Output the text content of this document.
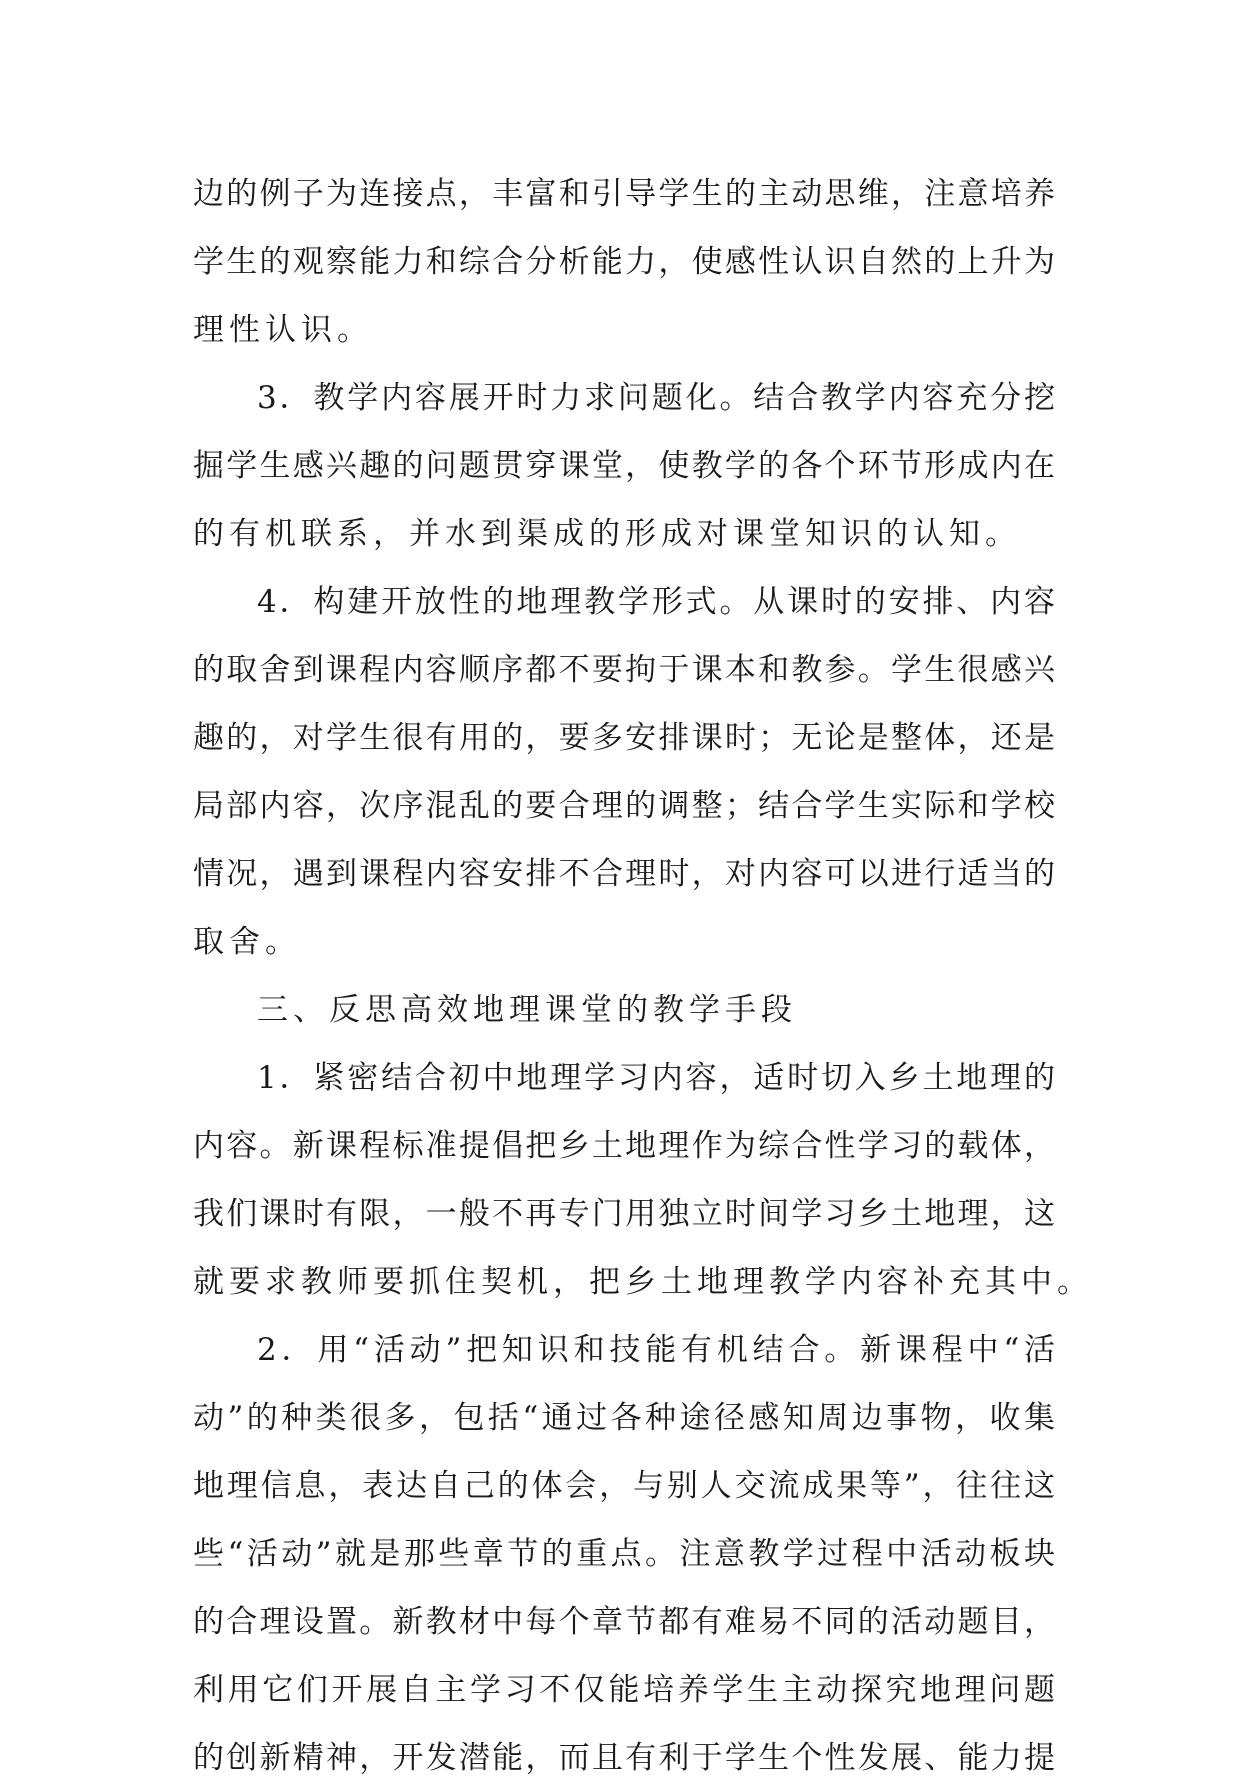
边的例子为连接点，丰富和引导学生的主动思维，注意培养
学生的观察能力和综合分析能力，使感性认识自然的上升为
理性认识。
3．教学内容展开时力求问题化。结合教学内容充分挖
掘学生感兴趣的问题贯穿课堂，使教学的各个环节形成内在
的有机联系，并水到渠成的形成对课堂知识的认知。
4．构建开放性的地理教学形式。从课时的安排、内容
的取舍到课程内容顺序都不要拘于课本和教参。学生很感兴
趣的，对学生很有用的，要多安排课时；无论是整体，还是
局部内容，次序混乱的要合理的调整；结合学生实际和学校
情况，遇到课程内容安排不合理时，对内容可以进行适当的
取舍。
三、反思高效地理课堂的教学手段
1．紧密结合初中地理学习内容，适时切入乡土地理的
内容。新课程标准提倡把乡土地理作为综合性学习的载体，
我们课时有限，一般不再专门用独立时间学习乡土地理，这
就要求教师要抓住契机，把乡土地理教学内容补充其中。
2．用“活动”把知识和技能有机结合。新课程中“活
动”的种类很多，包括“通过各种途径感知周边事物，收集
地理信息，表达自己的体会，与别人交流成果等”，往往这
些“活动”就是那些章节的重点。注意教学过程中活动板块
的合理设置。新教材中每个章节都有难易不同的活动题目，
利用它们开展自主学习不仅能培养学生主动探究地理问题
的创新精神，开发潜能，而且有利于学生个性发展、能力提
